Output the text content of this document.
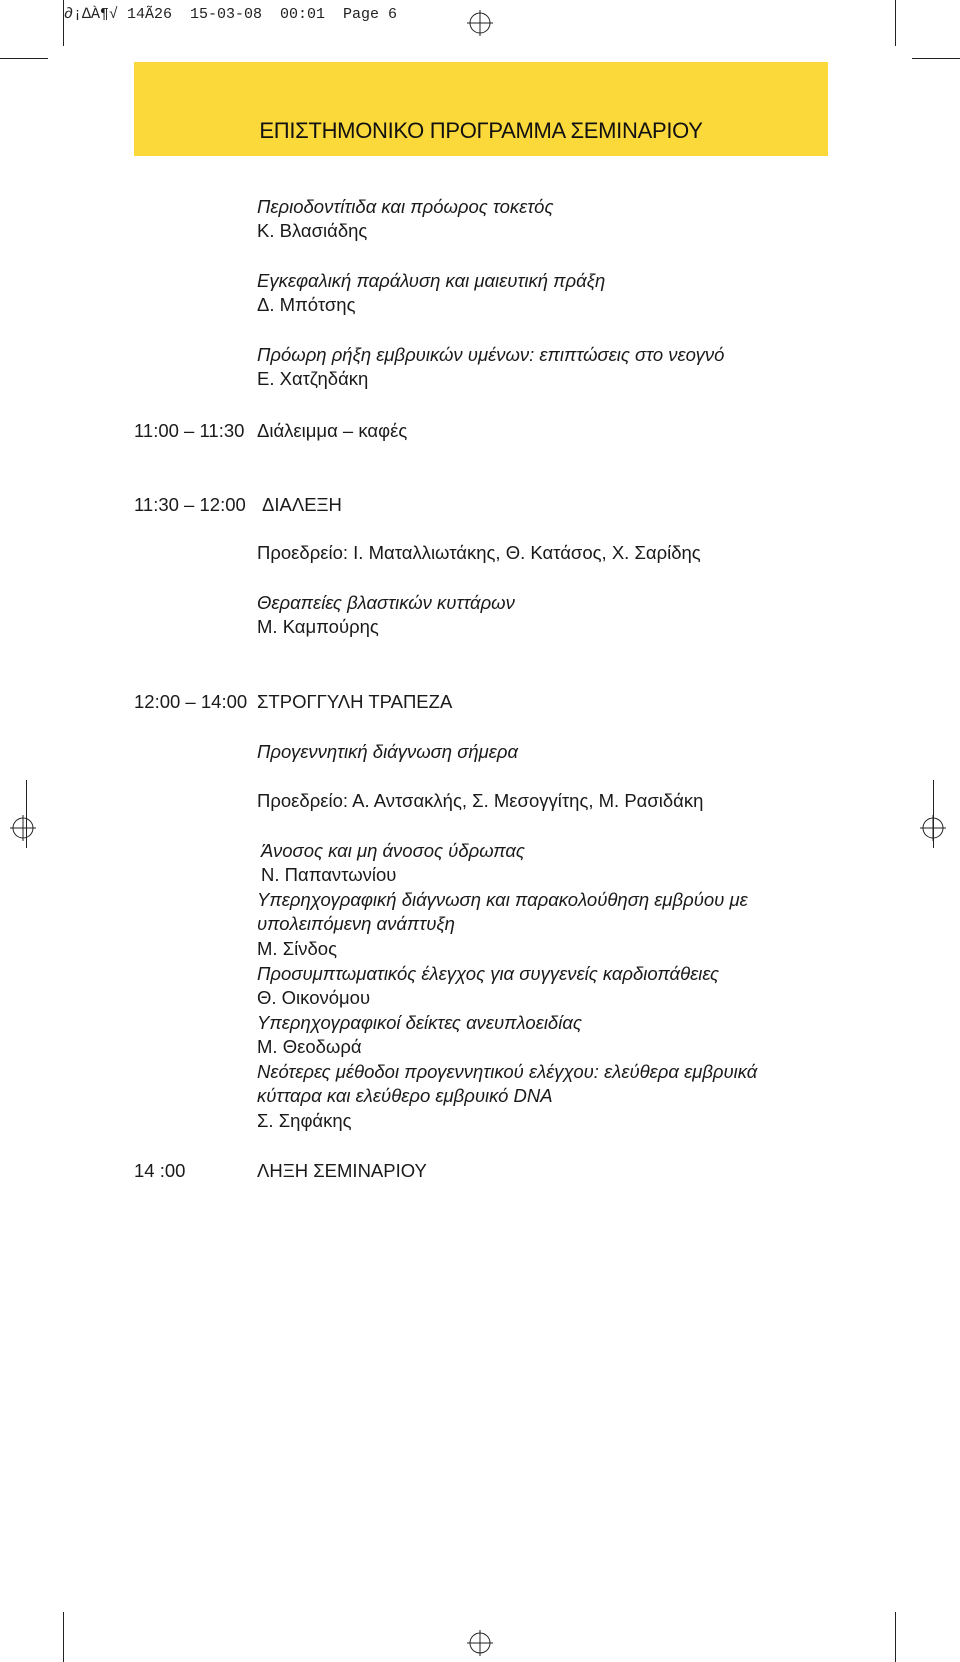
∂¡∆À¶√ 14Ã26  15-03-08  00:01  Page 6
ΕΠΙΣΤΗΜΟΝΙΚΟ ΠΡΟΓΡΑΜΜΑ ΣΕΜΙΝΑΡΙΟΥ
Περιοδοντίτιδα και πρόωρος τοκετός
Κ. Βλασιάδης
Εγκεφαλική παράλυση και μαιευτική πράξη
Δ. Μπότσης
Πρόωρη ρήξη εμβρυικών υμένων: επιπτώσεις στο νεογνό
Ε. Χατζηδάκη
11:00 – 11:30 Διάλειμμα – καφές
11:30 – 12:00 ΔΙΑΛΕΞΗ
Προεδρείο: Ι. Ματαλλιωτάκης, Θ. Κατάσος, Χ. Σαρίδης
Θεραπείες βλαστικών κυττάρων
Μ. Καμπούρης
12:00 – 14:00 ΣΤΡΟΓΓΥΛΗ ΤΡΑΠΕΖΑ
Προγεννητική διάγνωση σήμερα
Προεδρείο: Α. Αντσακλής, Σ. Μεσογγίτης, Μ. Ρασιδάκη
Άνοσος και μη άνοσος ύδρωπας
Ν. Παπαντωνίου
Υπερηχογραφική διάγνωση και παρακολούθηση εμβρύου με
υπολειπόμενη ανάπτυξη
Μ. Σίνδος
Προσυμπτωματικός έλεγχος για συγγενείς καρδιοπάθειες
Θ. Οικονόμου
Υπερηχογραφικοί δείκτες ανευπλοειδίας
Μ. Θεοδωρά
Νεότερες μέθοδοι προγεννητικού ελέγχου: ελεύθερα εμβρυικά
κύτταρα και ελεύθερο εμβρυικό DNA
Σ. Σηφάκης
14 :00	ΛΗΞΗ ΣΕΜΙΝΑΡΙΟΥ
